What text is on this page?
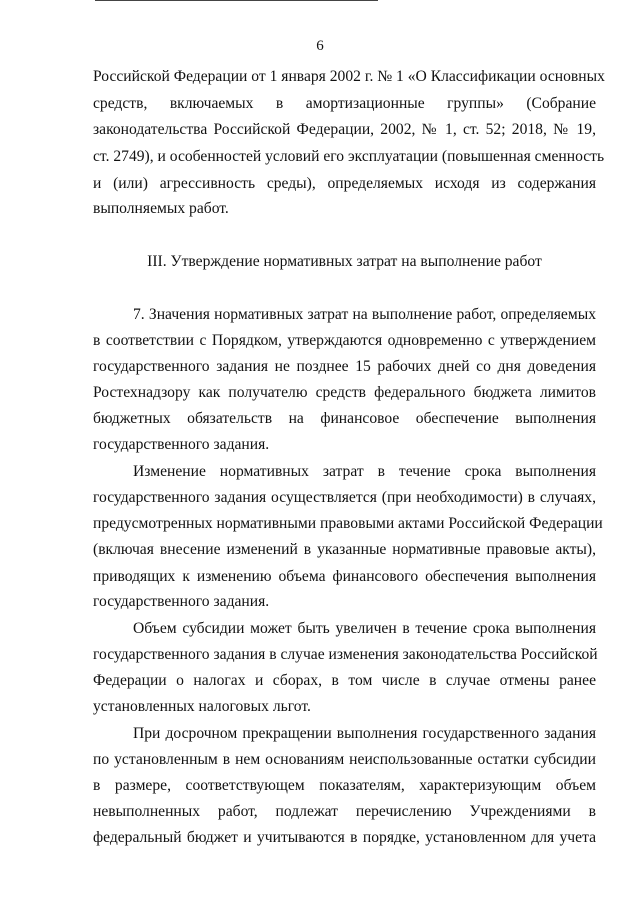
6
Российской Федерации от 1 января 2002 г. № 1 «О Классификации основных
средств, включаемых в амортизационные группы» (Собрание
законодательства Российской Федерации, 2002, № 1, ст. 52; 2018, № 19,
ст. 2749), и особенностей условий его эксплуатации (повышенная сменность
и (или) агрессивность среды), определяемых исходя из содержания
выполняемых работ.
III. Утверждение нормативных затрат на выполнение работ
7. Значения нормативных затрат на выполнение работ, определяемых
в соответствии с Порядком, утверждаются одновременно с утверждением
государственного задания не позднее 15 рабочих дней со дня доведения
Ростехнадзору как получателю средств федерального бюджета лимитов
бюджетных обязательств на финансовое обеспечение выполнения
государственного задания.
Изменение нормативных затрат в течение срока выполнения
государственного задания осуществляется (при необходимости) в случаях,
предусмотренных нормативными правовыми актами Российской Федерации
(включая внесение изменений в указанные нормативные правовые акты),
приводящих к изменению объема финансового обеспечения выполнения
государственного задания.
Объем субсидии может быть увеличен в течение срока выполнения
государственного задания в случае изменения законодательства Российской
Федерации о налогах и сборах, в том числе в случае отмены ранее
установленных налоговых льгот.
При досрочном прекращении выполнения государственного задания
по установленным в нем основаниям неиспользованные остатки субсидии
в размере, соответствующем показателям, характеризующим объем
невыполненных работ, подлежат перечислению Учреждениями в
федеральный бюджет и учитываются в порядке, установленном для учета
